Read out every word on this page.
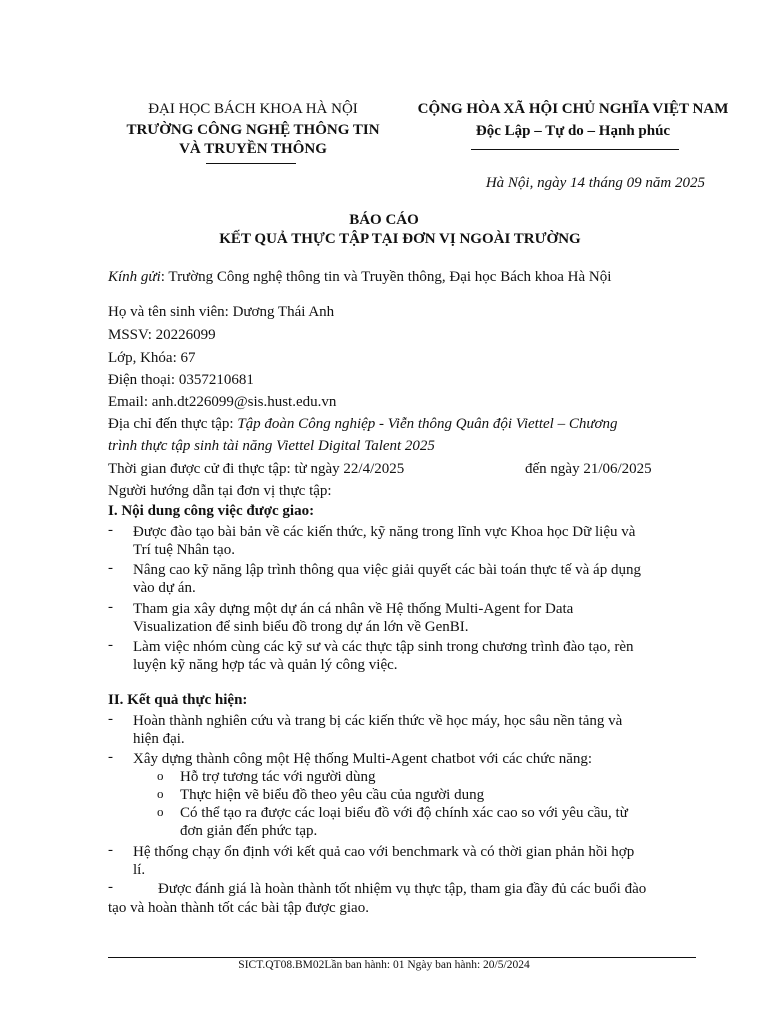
ĐẠI HỌC BÁCH KHOA HÀ NỘI
TRƯỜNG CÔNG NGHỆ THÔNG TIN
VÀ TRUYỀN THÔNG
CỘNG HÒA XÃ HỘI CHỦ NGHĨA VIỆT NAM
Độc Lập – Tự do – Hạnh phúc
Hà Nội, ngày 14 tháng 09 năm 2025
BÁO CÁO
KẾT QUẢ THỰC TẬP TẠI ĐƠN VỊ NGOÀI TRƯỜNG
Kính gửi: Trường Công nghệ thông tin và Truyền thông, Đại học Bách khoa Hà Nội
Họ và tên sinh viên: Dương Thái Anh
MSSV: 20226099
Lớp, Khóa: 67
Điện thoại: 0357210681
Email: anh.dt226099@sis.hust.edu.vn
Địa chỉ đến thực tập: Tập đoàn Công nghiệp - Viễn thông Quân đội Viettel – Chương
trình thực tập sinh tài năng Viettel Digital Talent 2025
Thời gian được cử đi thực tập: từ ngày 22/4/2025	đến ngày 21/06/2025
Người hướng dẫn tại đơn vị thực tập:
I. Nội dung công việc được giao:
- Được đào tạo bài bản về các kiến thức, kỹ năng trong lĩnh vực Khoa học Dữ liệu và
Trí tuệ Nhân tạo.
- Nâng cao kỹ năng lập trình thông qua việc giải quyết các bài toán thực tế và áp dụng
vào dự án.
- Tham gia xây dựng một dự án cá nhân về Hệ thống Multi-Agent for Data
Visualization để sinh biểu đồ trong dự án lớn về GenBI.
- Làm việc nhóm cùng các kỹ sư và các thực tập sinh trong chương trình đào tạo, rèn
luyện kỹ năng hợp tác và quản lý công việc.
II. Kết quả thực hiện:
- Hoàn thành nghiên cứu và trang bị các kiến thức về học máy, học sâu nền tảng và
hiện đại.
- Xây dựng thành công một Hệ thống Multi-Agent chatbot với các chức năng:
o Hỗ trợ tương tác với người dùng
o Thực hiện vẽ biểu đồ theo yêu cầu của người dung
o Có thể tạo ra được các loại biểu đồ với độ chính xác cao so với yêu cầu, từ
đơn giản đến phức tạp.
- Hệ thống chạy ổn định với kết quả cao với benchmark và có thời gian phản hồi hợp
lí.
-	Được đánh giá là hoàn thành tốt nhiệm vụ thực tập, tham gia đầy đủ các buổi đào
tạo và hoàn thành tốt các bài tập được giao.
SICT.QT08.BM02Lần ban hành: 01 Ngày ban hành: 20/5/2024
